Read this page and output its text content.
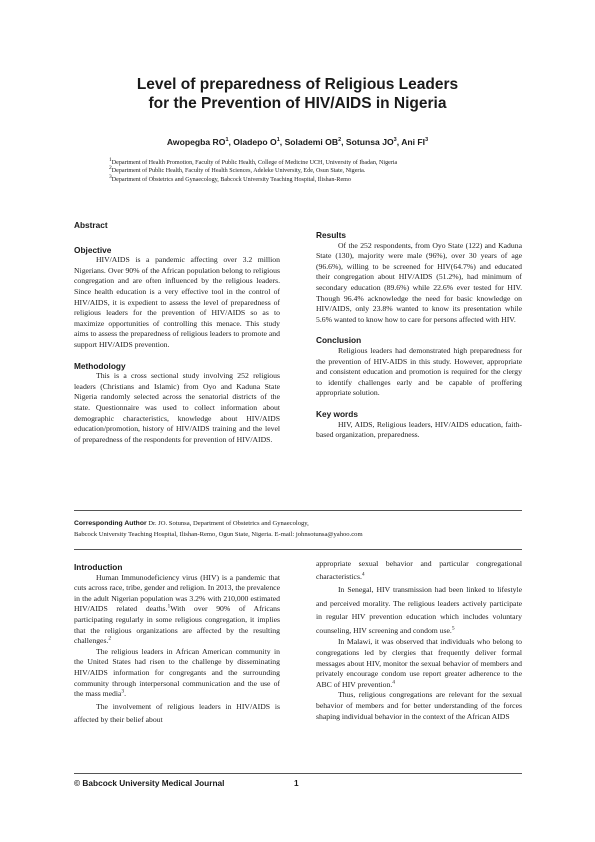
Level of preparedness of Religious Leaders
for the Prevention of HIV/AIDS in Nigeria
Awopegba $RO^1$, Oladepo $O^1$, Solademi $OB^2$, Sotunsa $JO^3$, Ani $FI^3$
$^1$Department of Health Promotion, Faculty of Public Health, College of Medicine UCH, University of Ibadan, Nigeria
$^2$Department of Public Health, Faculty of Health Sciences, Adeleke University, Ede, Osun State, Nigeria.
$^3$Department of Obstetrics and Gynaecology, Babcock University Teaching Hospital, Ilishan-Remo

Abstract

Objective

HIV/AIDS is a pandemic affecting over 3.2 million Nigerians. Over 90% of the African population belong to religious congregation and are often influenced by the religious leaders. Since health education is a very effective tool in the control of HIV/AIDS, it is expedient to assess the level of preparedness of religious leaders for the prevention of HIV/AIDS so as to maximize opportunities of controlling this menace. This study aims to assess the preparedness of religious leaders to promote and support HIV/AIDS prevention.

Methodology

This is a cross sectional study involving 252 religious leaders (Christians and Islamic) from Oyo and Kaduna State Nigeria randomly selected across the senatorial districts of the state. Questionnaire was used to collect information about demographic characteristics, knowledge about HIV/AIDS education/promotion, history of HIV/AIDS training and the level of preparedness of the respondents for prevention of HIV/AIDS.

Results

Of the 252 respondents, from Oyo State (122) and Kaduna State (130), majority were male (96%), over 30 years of age (96.6%), willing to be screened for HIV(64.7%) and educated their congregation about HIV/AIDS (51.2%), had minimum of secondary education (89.6%) while 22.6% ever tested for HIV. Though 96.4% acknowledge the need for basic knowledge on HIV/AIDS, only 23.8% wanted to know its presentation while 5.6% wanted to know how to care for persons affected with HIV.

Conclusion

Religious leaders had demonstrated high preparedness for the prevention of HIV-AIDS in this study. However, appropriate and consistent education and promotion is required for the clergy to identify challenges early and be capable of proffering appropriate solution.

Key words

HIV, AIDS, Religious leaders, HIV/AIDS education, faith-based organization, preparedness.

Corresponding Author Dr. JO. Sotunsa, Department of Obstetrics and Gynaecology,
Babcock University Teaching Hospital, Ilishan-Remo, Ogun State, Nigeria. E-mail: johnsotunsa@yahoo.com

Introduction

Human Immunodeficiency virus (HIV) is a pandemic that cuts across race, tribe, gender and religion. In 2013, the prevalence in the adult Nigerian population was 3.2% with 210,000 estimated HIV/AIDS related deaths.$^1$With over 90% of Africans participating regularly in some religious congregation, it implies that the religious organizations are affected by the resulting challenges.$^2$

The religious leaders in African American community in the United States had risen to the challenge by disseminating HIV/AIDS information for congregants and the surrounding community through interpersonal communication and the use of the mass media$^3$.

The involvement of religious leaders in HIV/AIDS is affected by their belief about

appropriate sexual behavior and particular congregational characteristics.$^4$

In Senegal, HIV transmission had been linked to lifestyle and perceived morality. The religious leaders actively participate in regular HIV prevention education which includes voluntary counseling, HIV screening and condom use.$^5$

In Malawi, it was observed that individuals who belong to congregations led by clergies that frequently deliver formal messages about HIV, monitor the sexual behavior of members and privately encourage condom use report greater adherence to the ABC of HIV prevention.$^4$

Thus, religious congregations are relevant for the sexual behavior of members and for better understanding of the forces shaping individual behavior in the context of the African AIDS

© Babcock University Medical Journal	1
